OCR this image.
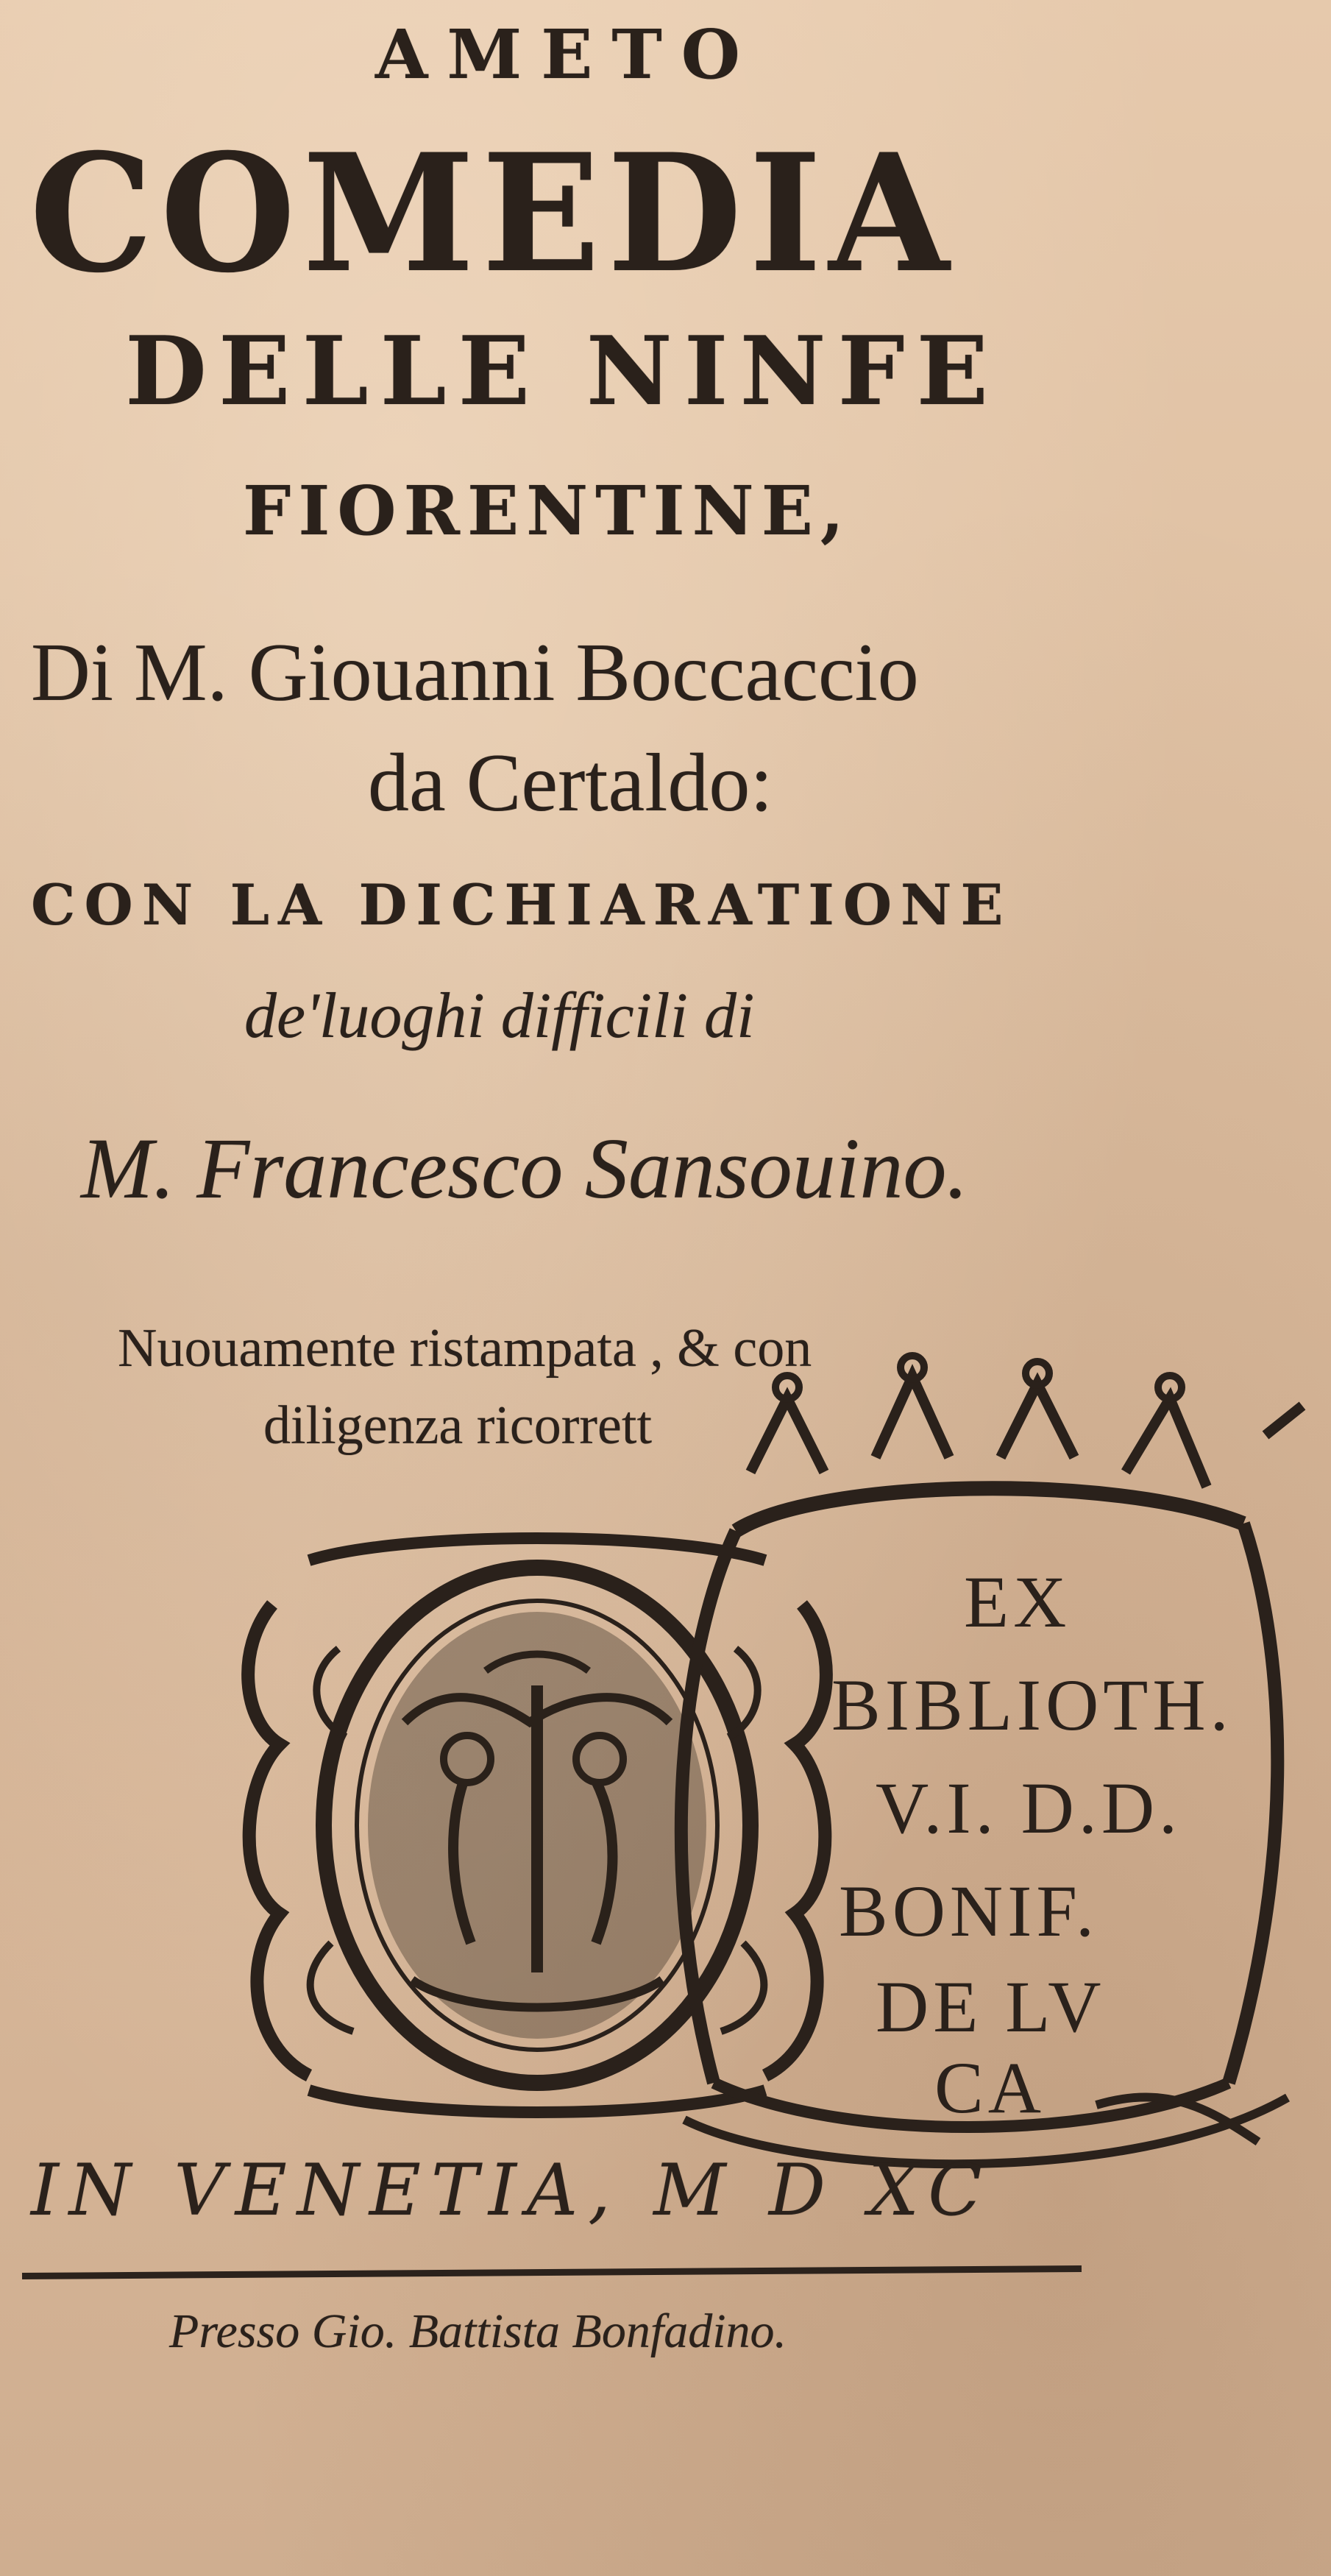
AMETO
COMEDIA
DELLE NINFE
FIORENTINE,
Di M. Giouanni Boccaccio
da Certaldo:
CON LA DICHIARATIONE
de'luoghi difficili di
M. Francesco Sansouino.
Nuouamente ristampata , & con
diligenza ricorrett
EX
BIBLIOTH.
V.I. D.D.
BONIF.
DE LV
CA
IN VENETIA, M D XC
Presso Gio. Battista Bonfadino.
